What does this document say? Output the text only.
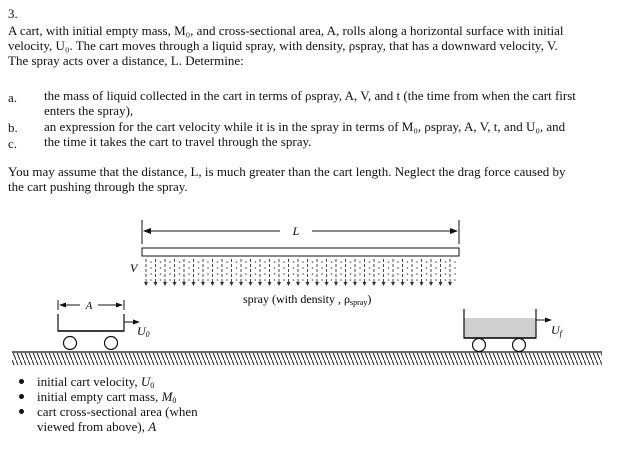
3.
A cart, with initial empty mass, M₀, and cross-sectional area, A, rolls along a horizontal surface with initial
velocity, U₀. The cart moves through a liquid spray, with density, ρspray, that has a downward velocity, V.
The spray acts over a distance, L. Determine:
a. the mass of liquid collected in the cart in terms of ρspray, A, V, and t (the time from when the cart first
enters the spray),
b. an expression for the cart velocity while it is in the spray in terms of M₀, ρspray, A, V, t, and U₀, and
c. the time it takes the cart to travel through the spray.
You may assume that the distance, L, is much greater than the cart length. Neglect the drag force caused by
the cart pushing through the spray.
L
V
spray (with density , ρspray)
A
U0	Uf
initial cart velocity, $U_0$
initial empty cart mass, $M_0$
cart cross-sectional area (when
viewed from above), A
